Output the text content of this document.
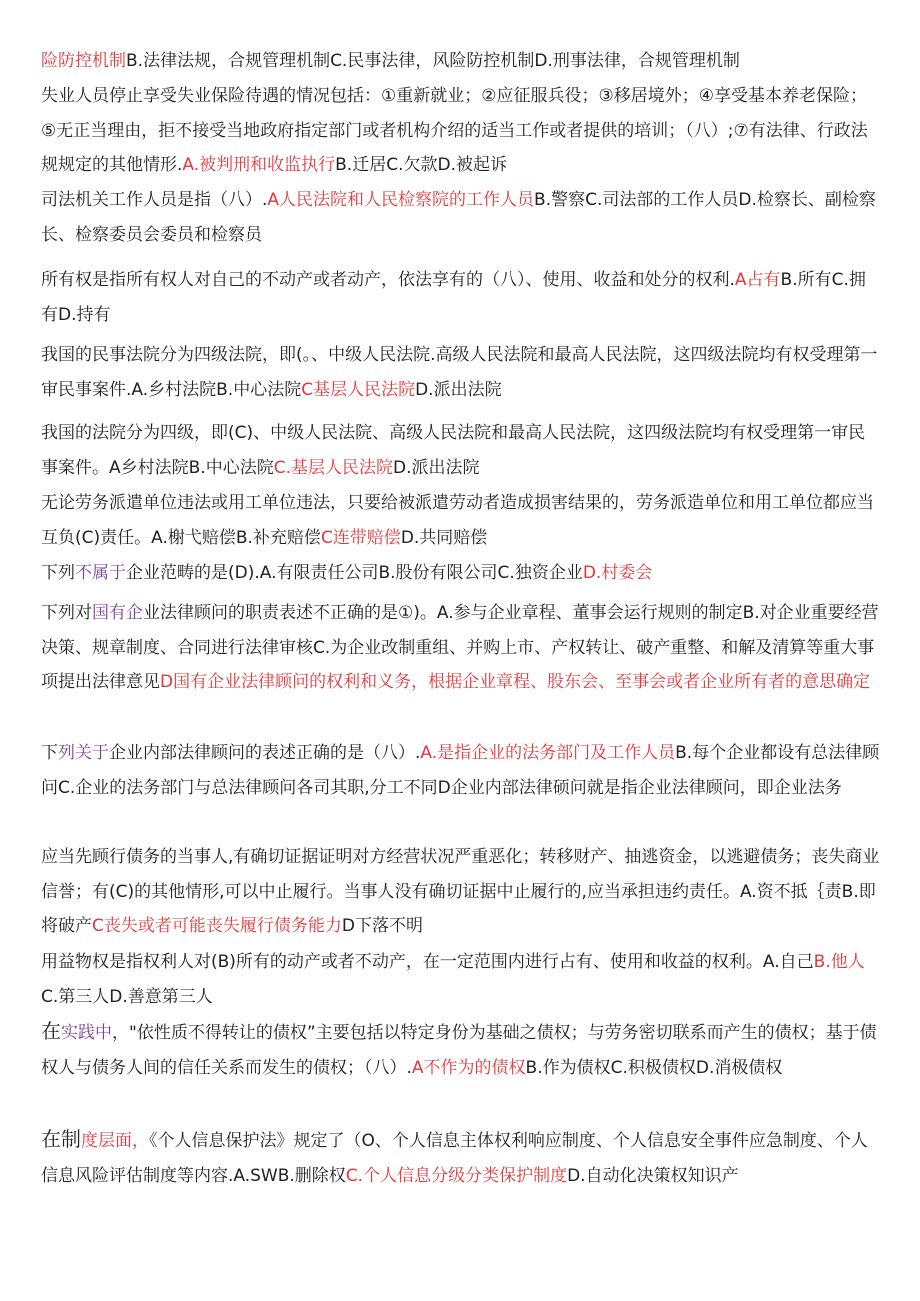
险防控机制B.法律法规，合规管理机制C.民事法律，风险防控机制D.刑事法律，合规管理机制
失业人员停止享受失业保险待遇的情况包括：①重新就业；②应征服兵役；③移居境外；④享受基本养老保险；⑤无正当理由，拒不接受当地政府指定部门或者机构介绍的适当工作或者提供的培训；（八）;⑦有法律、行政法规规定的其他情形.A.被判刑和收监执行B.迁居C.欠款D.被起诉
司法机关工作人员是指（八）.A人民法院和人民检察院的工作人员B.警察C.司法部的工作人员D.检察长、副检察长、检察委员会委员和检察员
所有权是指所有权人对自己的不动产或者动产，依法享有的（八）、使用、收益和处分的权利.A占有B.所有C.拥有D.持有
我国的民事法院分为四级法院，即(。、中级人民法院.高级人民法院和最高人民法院，这四级法院均有权受理第一审民事案件.A.乡村法院B.中心法院C基层人民法院D.派出法院
我国的法院分为四级，即(C)、中级人民法院、高级人民法院和最高人民法院，这四级法院均有权受理第一审民事案件。A乡村法院B.中心法院C.基层人民法院D.派出法院
无论劳务派遣单位违法或用工单位违法，只要给被派遣劳动者造成损害结果的，劳务派造单位和用工单位都应当互负(C)责任。A.榭弋赔偿B.补充赔偿C连带赔偿D.共同赔偿
下列不属于企业范畴的是(D).A.有限责任公司B.股份有限公司C.独资企业D.村委会
下列对国有企业法律顾问的职责表述不正确的是①)。A.参与企业章程、董事会运行规则的制定B.对企业重要经营决策、规章制度、合同进行法律审核C.为企业改制重组、并购上市、产权转让、破产重整、和解及清算等重大事项提出法律意见D国有企业法律顾问的权利和义务，根据企业章程、股东会、至事会或者企业所有者的意思确定
下列关于企业内部法律顾问的表述正确的是（八）.A.是指企业的法务部门及工作人员B.每个企业都设有总法律顾问C.企业的法务部门与总法律顾问各司其职,分工不同D企业内部法律硕问就是指企业法律顾问，即企业法务
应当先顾行债务的当事人,有确切证据证明对方经营状况严重恶化；转移财产、抽逃资金，以逃避债务；丧失商业信誉；有(C)的其他情形,可以中止履行。当事人没有确切证据中止履行的,应当承担违约责任。A.资不抵｛责B.即将破产C丧失或者可能丧失履行债务能力D下落不明
用益物权是指权利人对(B)所有的动产或者不动产，在一定范围内进行占有、使用和收益的权利。A.自己B.他人C.第三人D.善意第三人
在实践中，"依性质不得转让的债权”主要包括以特定身份为基础之债权；与劳务密切联系而产生的债权；基于债权人与债务人间的信任关系而发生的债权；（八）.A不作为的债权B.作为债权C.积极债权D.消极债权
在制度层面，《个人信息保护法》规定了（O、个人信息主体权利响应制度、个人信息安全事件应急制度、个人信息风险评估制度等内容.A.SWB.删除权C.个人信息分级分类保护制度D.自动化决策权知识产
